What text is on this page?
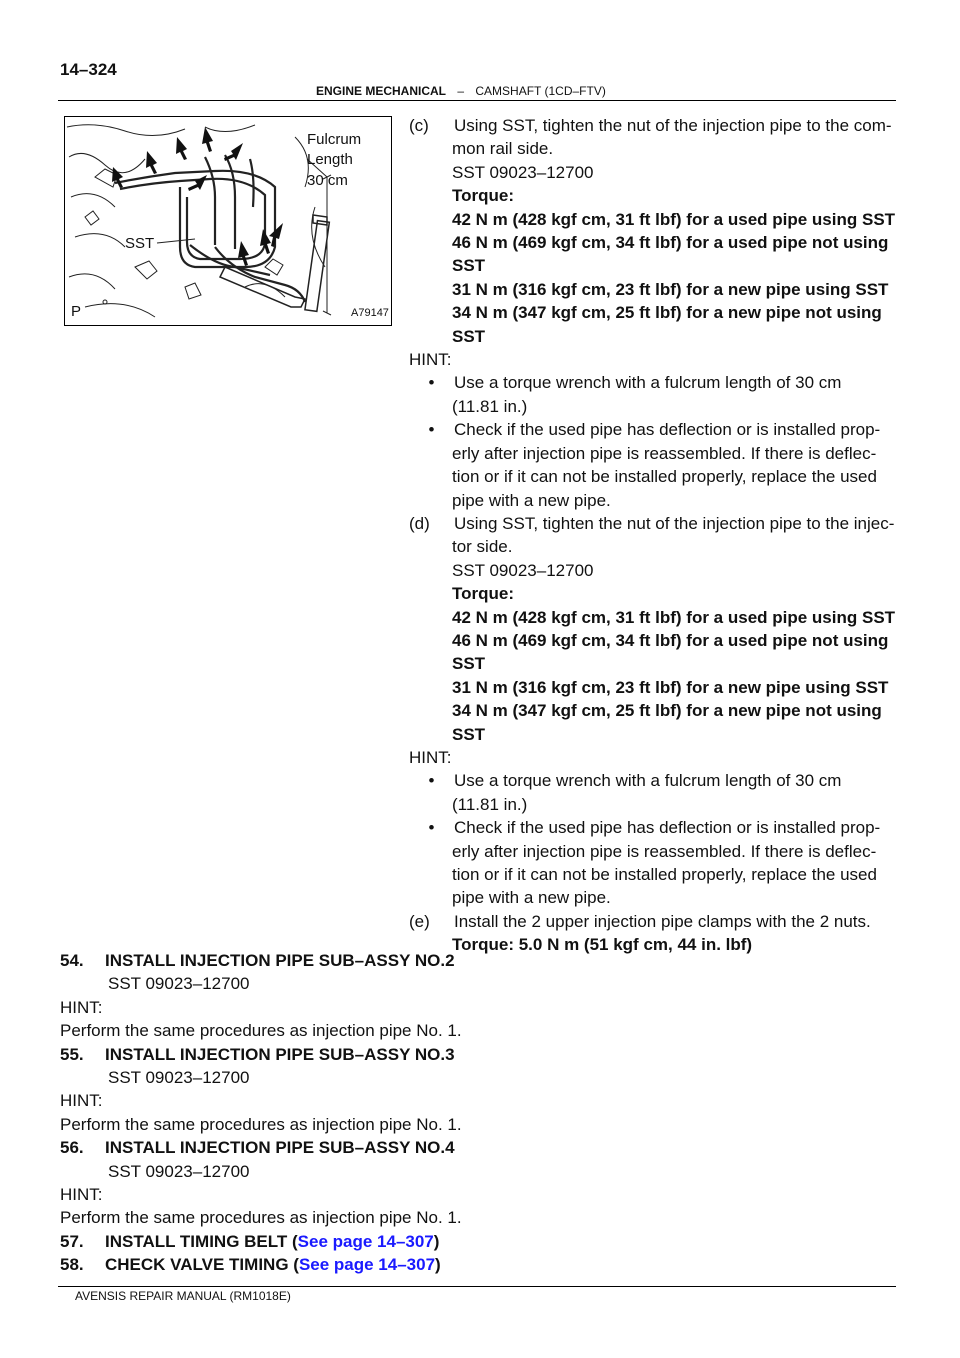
14–324
ENGINE MECHANICAL – CAMSHAFT (1CD–FTV)
Fulcrum
Length
30 cm
SST
P	A79147
(c) Using SST, tighten the nut of the injection pipe to the com-
mon rail side.
SST 09023–12700
Torque:
42 N m (428 kgf cm, 31 ft lbf) for a used pipe using SST
46 N m (469 kgf cm, 34 ft lbf) for a used pipe not using
SST
31 N m (316 kgf cm, 23 ft lbf) for a new pipe using SST
34 N m (347 kgf cm, 25 ft lbf) for a new pipe not using
SST
HINT:
• Use a torque wrench with a fulcrum length of 30 cm
(11.81 in.)
• Check if the used pipe has deflection or is installed prop-
erly after injection pipe is reassembled. If there is deflec-
tion or if it can not be installed properly, replace the used
pipe with a new pipe.
(d) Using SST, tighten the nut of the injection pipe to the injec-
tor side.
SST 09023–12700
Torque:
42 N m (428 kgf cm, 31 ft lbf) for a used pipe using SST
46 N m (469 kgf cm, 34 ft lbf) for a used pipe not using
SST
31 N m (316 kgf cm, 23 ft lbf) for a new pipe using SST
34 N m (347 kgf cm, 25 ft lbf) for a new pipe not using
SST
HINT:
• Use a torque wrench with a fulcrum length of 30 cm
(11.81 in.)
• Check if the used pipe has deflection or is installed prop-
erly after injection pipe is reassembled. If there is deflec-
tion or if it can not be installed properly, replace the used
pipe with a new pipe.
(e) Install the 2 upper injection pipe clamps with the 2 nuts.
Torque: 5.0 N m (51 kgf cm, 44 in. lbf)
54. INSTALL INJECTION PIPE SUB–ASSY NO.2
SST 09023–12700
HINT:
Perform the same procedures as injection pipe No. 1.
55. INSTALL INJECTION PIPE SUB–ASSY NO.3
SST 09023–12700
HINT:
Perform the same procedures as injection pipe No. 1.
56. INSTALL INJECTION PIPE SUB–ASSY NO.4
SST 09023–12700
HINT:
Perform the same procedures as injection pipe No. 1.
57. INSTALL TIMING BELT (See page 14–307)
58. CHECK VALVE TIMING (See page 14–307)
AVENSIS REPAIR MANUAL (RM1018E)
